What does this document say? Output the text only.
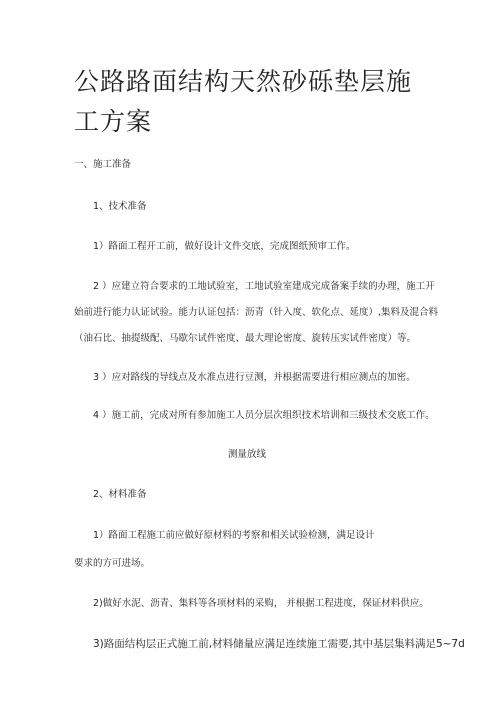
公路路面结构天然砂砾垫层施工方案

一、施工准备

1、技术准备

1）路面工程开工前，做好设计文件交底，完成图纸预审工作。

2 ）应建立符合要求的工地试验室，工地试验室建成完成备案手续的办理，施工开

始前进行能力认证试验。能力认证包括：沥青（针入度、软化点、延度）,集料及混合料

（油石比、抽提级配、马歇尔试件密度、最大理论密度、旋转压实试件密度）等。

3 ）应对路线的导线点及水准点进行豆测，并根据需要进行相应测点的加密。

4 ）施工前，完成对所有参加施工人员分层次组织技术培训和三级技术交底工作。

测量放线

2、材料准备

1）路面工程施工前应做好原材料的考察和相关试验检测，满足设计

要求的方可进场。

2)做好水泥、沥青、集料等各项材料的采购， 并根据工程进度，保证材料供应。

3)路面结构层正式施工前,材料储量应满足连续施工需要,其中基层集料满足5~7d
